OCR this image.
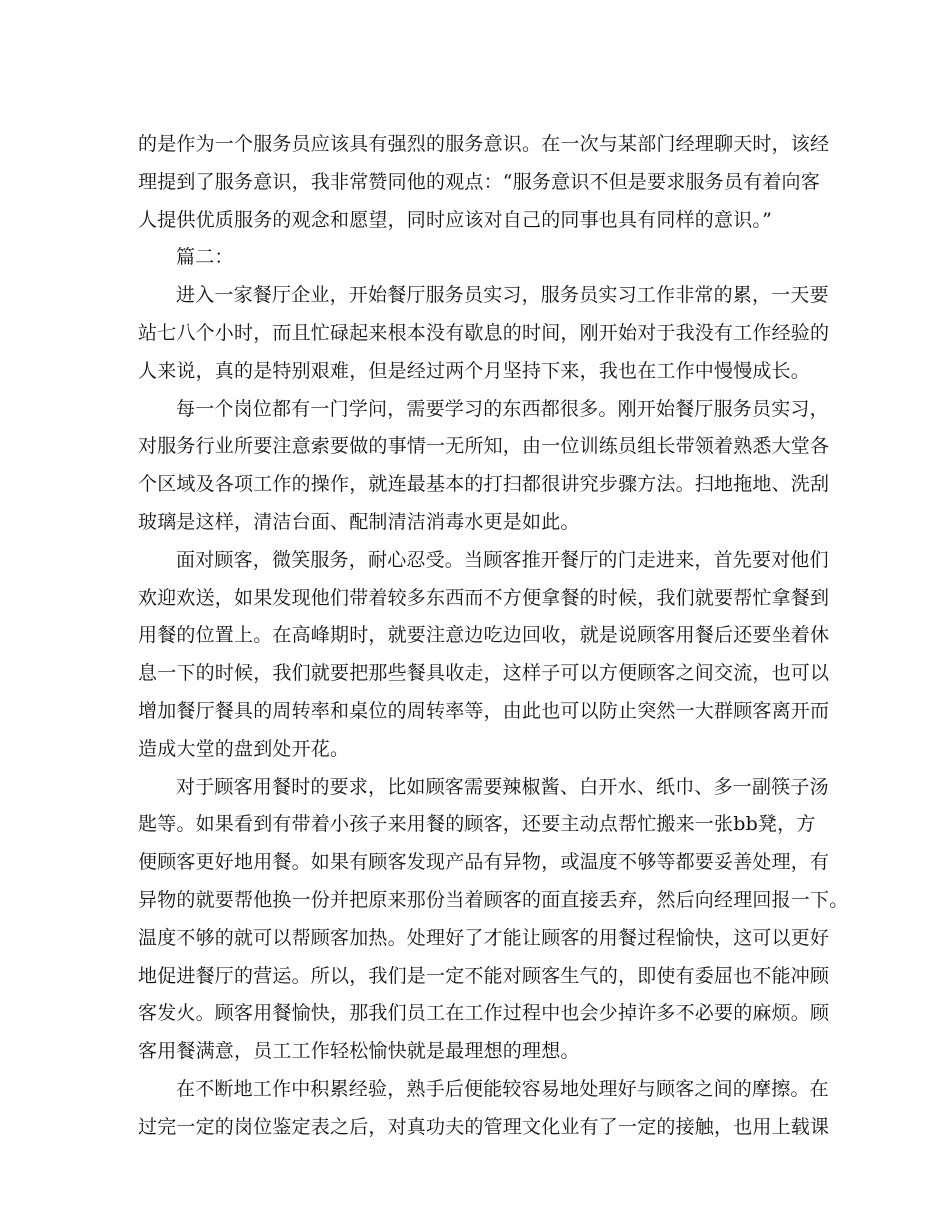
的是作为一个服务员应该具有强烈的服务意识。在一次与某部门经理聊天时，该经
理提到了服务意识，我非常赞同他的观点：“服务意识不但是要求服务员有着向客
人提供优质服务的观念和愿望，同时应该对自己的同事也具有同样的意识。”
篇二：
进入一家餐厅企业，开始餐厅服务员实习，服务员实习工作非常的累，一天要
站七八个小时，而且忙碌起来根本没有歇息的时间，刚开始对于我没有工作经验的
人来说，真的是特别艰难，但是经过两个月坚持下来，我也在工作中慢慢成长。
每一个岗位都有一门学问，需要学习的东西都很多。刚开始餐厅服务员实习，
对服务行业所要注意索要做的事情一无所知，由一位训练员组长带领着熟悉大堂各
个区域及各项工作的操作，就连最基本的打扫都很讲究步骤方法。扫地拖地、洗刮
玻璃是这样，清洁台面、配制清洁消毒水更是如此。
面对顾客，微笑服务，耐心忍受。当顾客推开餐厅的门走进来，首先要对他们
欢迎欢送，如果发现他们带着较多东西而不方便拿餐的时候，我们就要帮忙拿餐到
用餐的位置上。在高峰期时，就要注意边吃边回收，就是说顾客用餐后还要坐着休
息一下的时候，我们就要把那些餐具收走，这样子可以方便顾客之间交流，也可以
增加餐厅餐具的周转率和桌位的周转率等，由此也可以防止突然一大群顾客离开而
造成大堂的盘到处开花。
对于顾客用餐时的要求，比如顾客需要辣椒酱、白开水、纸巾、多一副筷子汤
匙等。如果看到有带着小孩子来用餐的顾客，还要主动点帮忙搬来一张bb凳，方
便顾客更好地用餐。如果有顾客发现产品有异物，或温度不够等都要妥善处理，有
异物的就要帮他换一份并把原来那份当着顾客的面直接丢弃，然后向经理回报一下。
温度不够的就可以帮顾客加热。处理好了才能让顾客的用餐过程愉快，这可以更好
地促进餐厅的营运。所以，我们是一定不能对顾客生气的，即使有委屈也不能冲顾
客发火。顾客用餐愉快，那我们员工在工作过程中也会少掉许多不必要的麻烦。顾
客用餐满意，员工工作轻松愉快就是最理想的理想。
在不断地工作中积累经验，熟手后便能较容易地处理好与顾客之间的摩擦。在
过完一定的岗位鉴定表之后，对真功夫的管理文化业有了一定的接触，也用上载课
